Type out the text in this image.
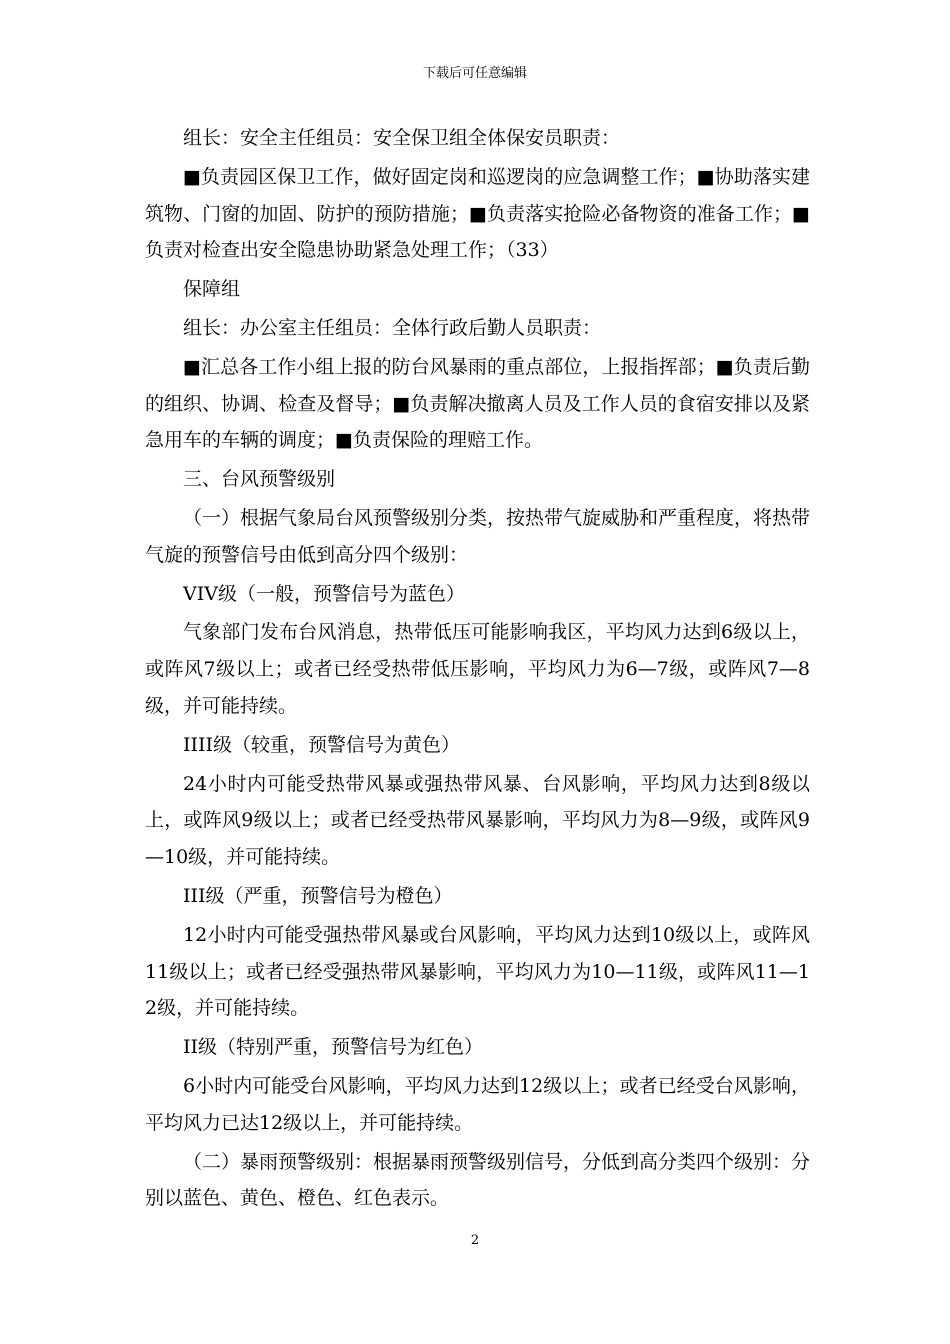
下载后可任意编辑

组长：安全主任组员：安全保卫组全体保安员职责：

■负责园区保卫工作，做好固定岗和巡逻岗的应急调整工作；■协助落实建筑物、门窗的加固、防护的预防措施；■负责落实抢险必备物资的准备工作；■负责对检查出安全隐患协助紧急处理工作；（33）

保障组

组长：办公室主任组员：全体行政后勤人员职责：

■汇总各工作小组上报的防台风暴雨的重点部位，上报指挥部；■负责后勤的组织、协调、检查及督导；■负责解决撤离人员及工作人员的食宿安排以及紧急用车的车辆的调度；■负责保险的理赔工作。

三、台风预警级别

（一）根据气象局台风预警级别分类，按热带气旋威胁和严重程度，将热带气旋的预警信号由低到高分四个级别：

VIV级（一般，预警信号为蓝色）

气象部门发布台风消息，热带低压可能影响我区，平均风力达到6级以上，或阵风7级以上；或者已经受热带低压影响，平均风力为6—7级，或阵风7—8级，并可能持续。

IIII级（较重，预警信号为黄色）

24小时内可能受热带风暴或强热带风暴、台风影响，平均风力达到8级以上，或阵风9级以上；或者已经受热带风暴影响，平均风力为8—9级，或阵风9—10级，并可能持续。

III级（严重，预警信号为橙色）

12小时内可能受强热带风暴或台风影响，平均风力达到10级以上，或阵风11级以上；或者已经受强热带风暴影响，平均风力为10—11级，或阵风11—12级，并可能持续。

II级（特别严重，预警信号为红色）

6小时内可能受台风影响，平均风力达到12级以上；或者已经受台风影响，平均风力已达12级以上，并可能持续。

（二）暴雨预警级别：根据暴雨预警级别信号，分低到高分类四个级别：分别以蓝色、黄色、橙色、红色表示。

2
